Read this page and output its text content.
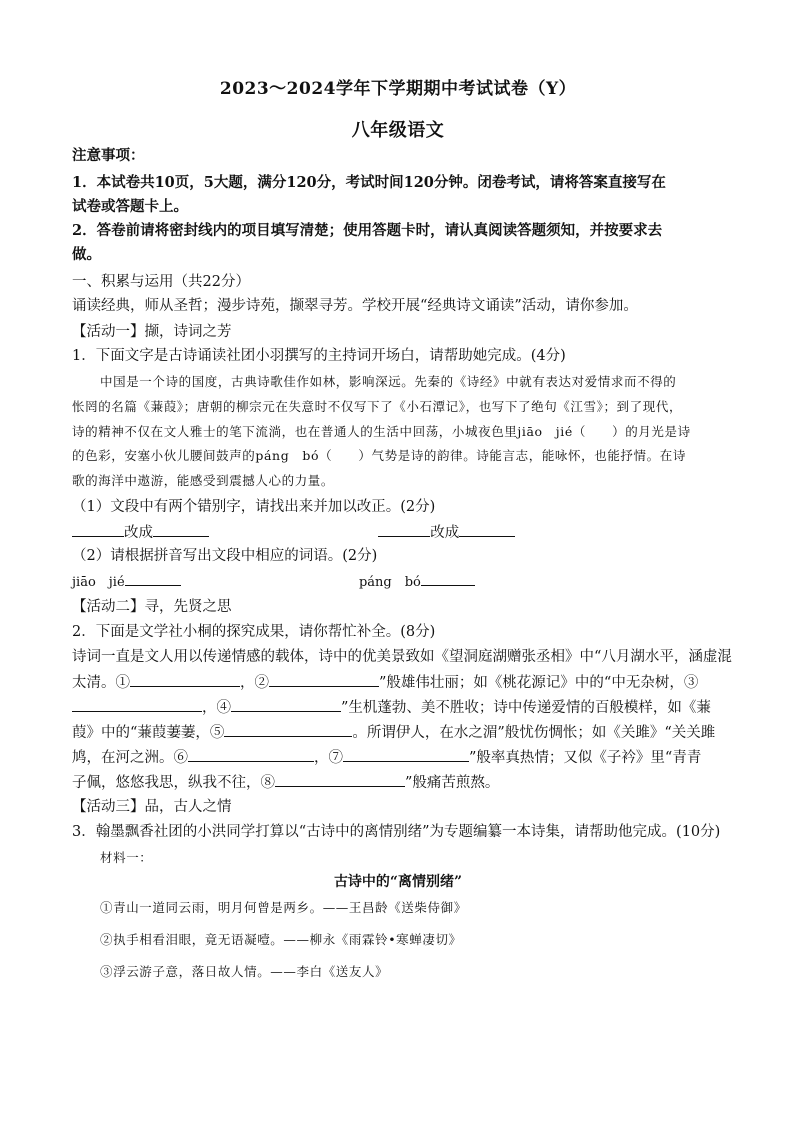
2023～2024学年下学期期中考试试卷（Y）
八年级语文
注意事项：
1．本试卷共10页，5大题，满分120分，考试时间120分钟。闭卷考试，请将答案直接写在
试卷或答题卡上。
2．答卷前请将密封线内的项目填写清楚；使用答题卡时，请认真阅读答题须知，并按要求去
做。
一、积累与运用（共22分）
诵读经典，师从圣哲；漫步诗苑，撷翠寻芳。学校开展“经典诗文诵读”活动，请你参加。
【活动一】撷，诗词之芳
1．下面文字是古诗诵读社团小羽撰写的主持词开场白，请帮助她完成。(4分)
中国是一个诗的国度，古典诗歌佳作如林，影响深远。先秦的《诗经》中就有表达对爱情求而不得的
怅罔的名篇《蒹葭》；唐朝的柳宗元在失意时不仅写下了《小石潭记》，也写下了绝句《江雪》；到了现代，
诗的精神不仅在文人雅士的笔下流淌，也在普通人的生活中回荡，小城夜色里jiāo　jié（　　）的月光是诗
的色彩，安塞小伙儿腰间鼓声的páng　bó（　　）气势是诗的韵律。诗能言志，能咏怀，也能抒情。在诗
歌的海洋中遨游，能感受到震撼人心的力量。
（1）文段中有两个错别字，请找出来并加以改正。(2分)
改成	改成
（2）请根据拼音写出文段中相应的词语。(2分)
jiāo　jié	páng　bó
【活动二】寻，先贤之思
2．下面是文学社小桐的探究成果，请你帮忙补全。(8分)
诗词一直是文人用以传递情感的载体，诗中的优美景致如《望洞庭湖赠张丞相》中“八月湖水平，涵虚混
太清。①	，②	”般雄伟壮丽；如《桃花源记》中的“中无杂树，③
，④	”生机蓬勃、美不胜收；诗中传递爱情的百般模样，如《蒹
葭》中的“蒹葭萋萋，⑤	。所谓伊人，在水之湄”般忧伤惆怅；如《关雎》“关关雎
鸠，在河之洲。⑥	，⑦	”般率真热情；又似《子衿》里“青青
子佩，悠悠我思，纵我不往，⑧	”般痛苦煎熬。
【活动三】品，古人之情
3．翰墨飘香社团的小洪同学打算以“古诗中的离情别绪”为专题编纂一本诗集，请帮助他完成。(10分)
材料一：
古诗中的“离情别绪”
①青山一道同云雨，明月何曾是两乡。——王昌龄《送柴侍御》
②执手相看泪眼，竟无语凝噎。——柳永《雨霖铃•寒蝉凄切》
③浮云游子意，落日故人情。——李白《送友人》
